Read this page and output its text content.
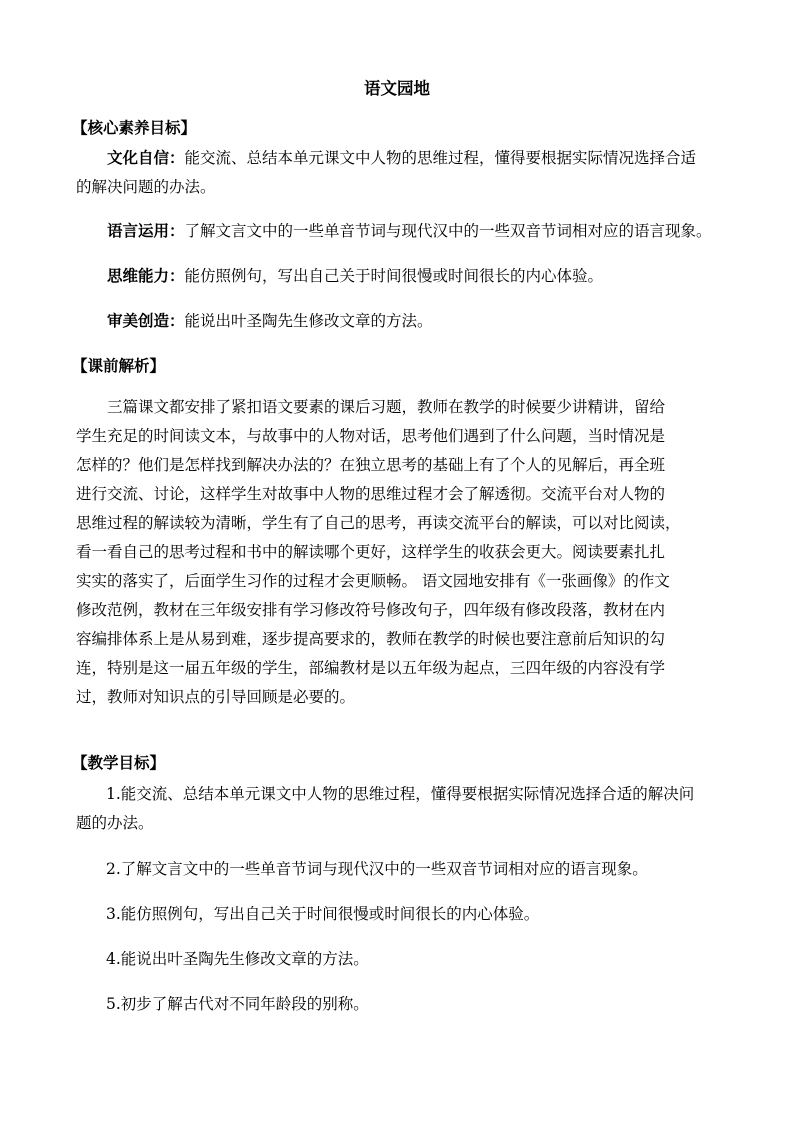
语文园地
【核心素养目标】
文化自信：能交流、总结本单元课文中人物的思维过程，懂得要根据实际情况选择合适
的解决问题的办法。
语言运用：了解文言文中的一些单音节词与现代汉中的一些双音节词相对应的语言现象。
思维能力：能仿照例句，写出自己关于时间很慢或时间很长的内心体验。
审美创造：能说出叶圣陶先生修改文章的方法。
【课前解析】
三篇课文都安排了紧扣语文要素的课后习题，教师在教学的时候要少讲精讲，留给
学生充足的时间读文本，与故事中的人物对话，思考他们遇到了什么问题，当时情况是
怎样的？他们是怎样找到解决办法的？在独立思考的基础上有了个人的见解后，再全班
进行交流、讨论，这样学生对故事中人物的思维过程才会了解透彻。交流平台对人物的
思维过程的解读较为清晰，学生有了自己的思考，再读交流平台的解读，可以对比阅读，
看一看自己的思考过程和书中的解读哪个更好，这样学生的收获会更大。阅读要素扎扎
实实的落实了，后面学生习作的过程才会更顺畅。 语文园地安排有《一张画像》的作文
修改范例，教材在三年级安排有学习修改符号修改句子，四年级有修改段落，教材在内
容编排体系上是从易到难，逐步提高要求的，教师在教学的时候也要注意前后知识的勾
连，特别是这一届五年级的学生，部编教材是以五年级为起点，三四年级的内容没有学
过，教师对知识点的引导回顾是必要的。
【教学目标】
1.能交流、总结本单元课文中人物的思维过程，懂得要根据实际情况选择合适的解决问
题的办法。
2.了解文言文中的一些单音节词与现代汉中的一些双音节词相对应的语言现象。
3.能仿照例句，写出自己关于时间很慢或时间很长的内心体验。
4.能说出叶圣陶先生修改文章的方法。
5.初步了解古代对不同年龄段的别称。
